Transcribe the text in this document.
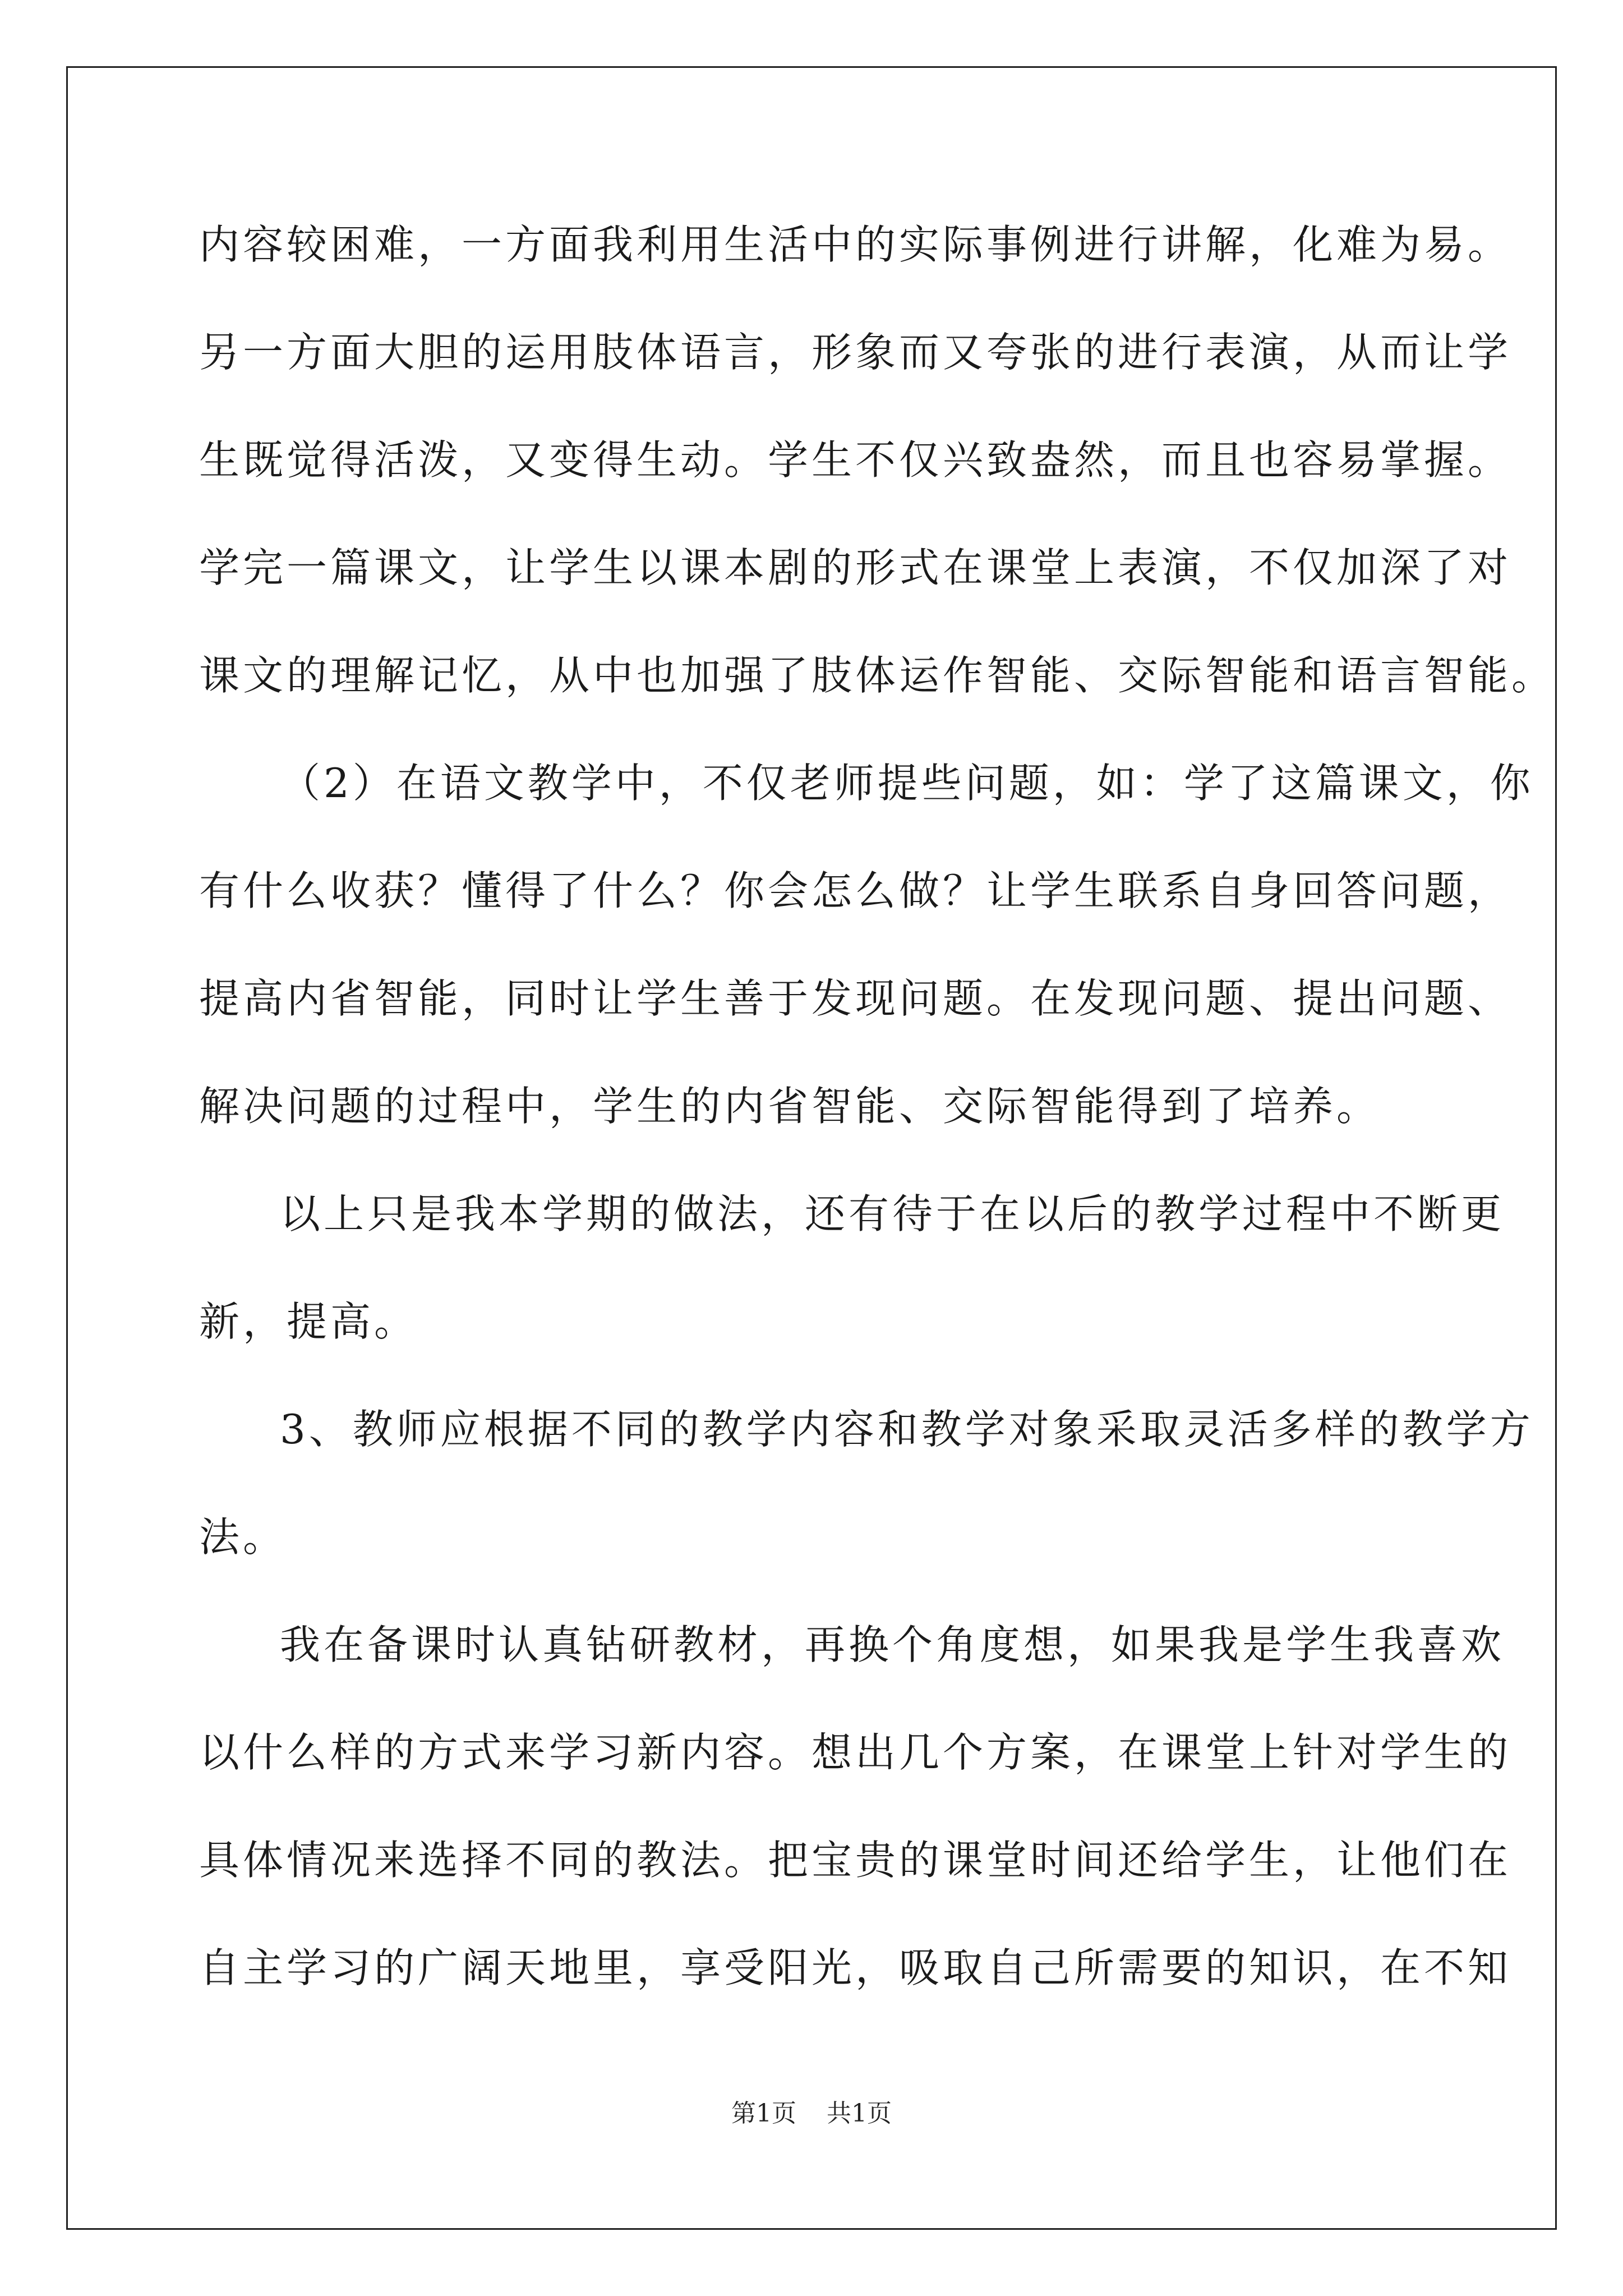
内容较困难，一方面我利用生活中的实际事例进行讲解，化难为易。
另一方面大胆的运用肢体语言，形象而又夸张的进行表演，从而让学
生既觉得活泼，又变得生动。学生不仅兴致盎然，而且也容易掌握。
学完一篇课文，让学生以课本剧的形式在课堂上表演，不仅加深了对
课文的理解记忆，从中也加强了肢体运作智能、交际智能和语言智能。
（2）在语文教学中，不仅老师提些问题，如：学了这篇课文，你
有什么收获？懂得了什么？你会怎么做？让学生联系自身回答问题，
提高内省智能，同时让学生善于发现问题。在发现问题、提出问题、
解决问题的过程中，学生的内省智能、交际智能得到了培养。
以上只是我本学期的做法，还有待于在以后的教学过程中不断更
新，提高。
3、教师应根据不同的教学内容和教学对象采取灵活多样的教学方
法。
我在备课时认真钻研教材，再换个角度想，如果我是学生我喜欢
以什么样的方式来学习新内容。想出几个方案，在课堂上针对学生的
具体情况来选择不同的教法。把宝贵的课堂时间还给学生，让他们在
自主学习的广阔天地里，享受阳光，吸取自己所需要的知识，在不知
第1页 共1页
